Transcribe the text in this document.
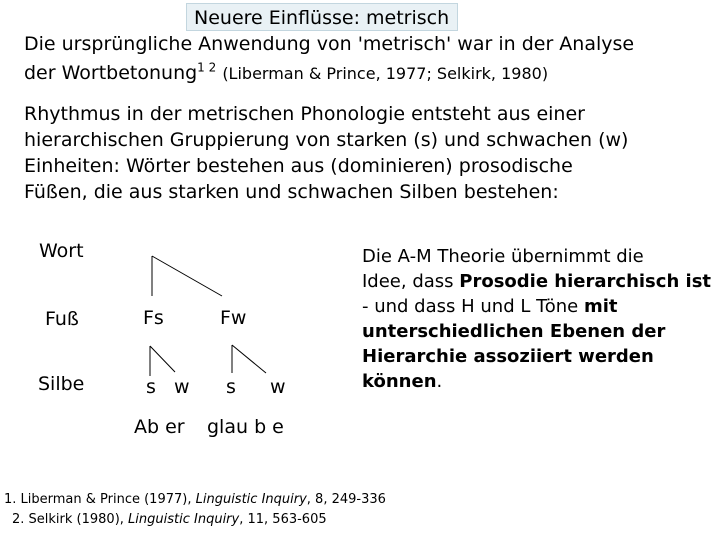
Neuere Einflüsse: metrisch
Die ursprüngliche Anwendung von 'metrisch' war in der Analyse
der Wortbetonung$^{1 2}$ (Liberman & Prince, 1977; Selkirk, 1980)
Rhythmus in der metrischen Phonologie entsteht aus einer
hierarchischen Gruppierung von starken (s) und schwachen (w)
Einheiten: Wörter bestehen aus (dominieren) prosodische
Füßen, die aus starken und schwachen Silben bestehen:
Wort
Fuß
Silbe
Fs	Fw
s w s w
Ab er glau b e
Die A-M Theorie übernimmt die
Idee, dass Prosodie hierarchisch ist
- und dass H und L Töne mit
unterschiedlichen Ebenen der
Hierarchie assoziiert werden
können.
1. Liberman & Prince (1977), Linguistic Inquiry, 8, 249-336
2. Selkirk (1980), Linguistic Inquiry, 11, 563-605
